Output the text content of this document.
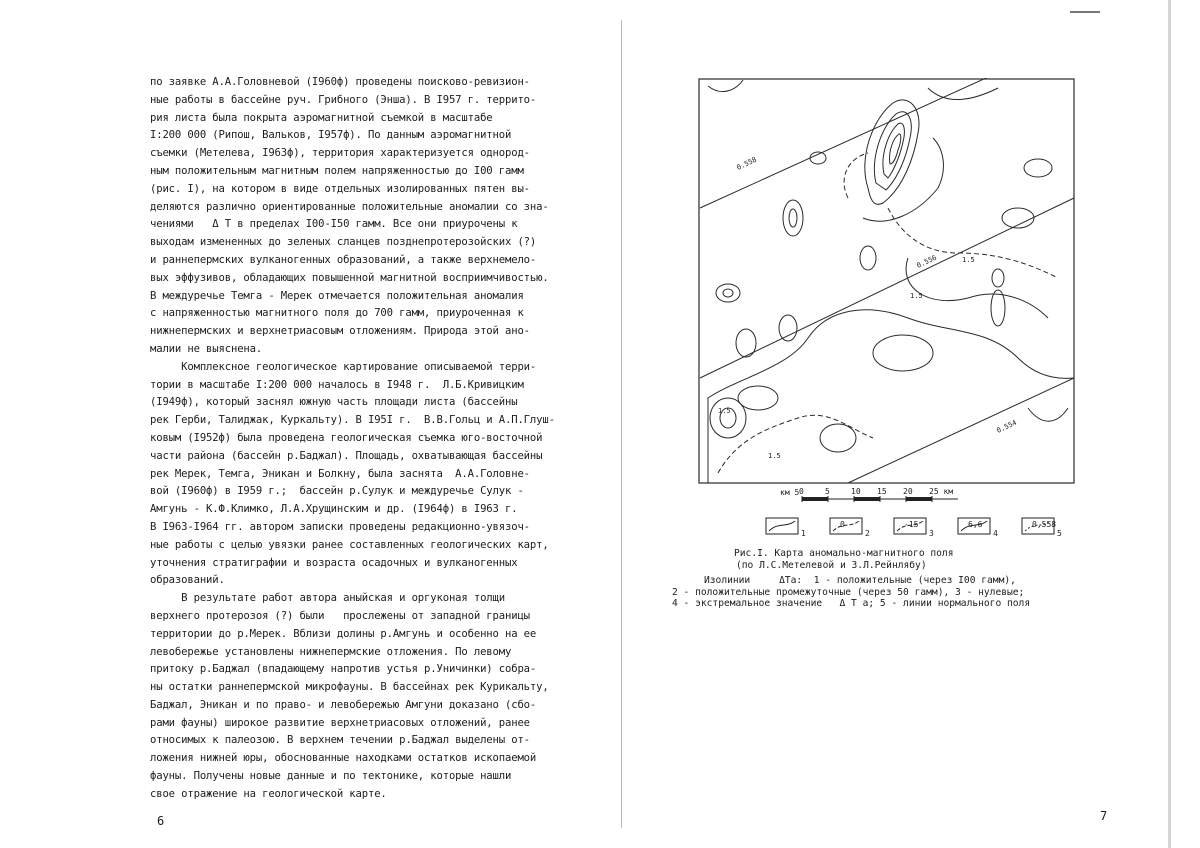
по заявке А.А.Головневой (I960ф) проведены поисково-ревизион-

ные работы в бассейне руч. Грибного (Энша). В I957 г. террито-

рия листа была покрыта аэромагнитной съемкой в масштабе

I:200 000 (Рипош, Вальков, I957ф). По данным аэромагнитной

съемки (Метелева, I963ф), территория характеризуется однород-

ным положительным магнитным полем напряженностью до I00 гамм

(рис. I), на котором в виде отдельных изолированных пятен вы-

деляются различно ориентированные положительные аномалии со зна-

чениями   Δ Т в пределах I00-I50 гамм. Все они приурочены к

выходам измененных до зеленых сланцев позднепротерозойских (?)

и раннепермских вулканогенных образований, а также верхнемело-

вых эффузивов, обладающих повышенной магнитной восприимчивостью.

В междуречье Темга - Мерек отмечается положительная аномалия

с напряженностью магнитного поля до 700 гамм, приуроченная к

нижнепермских и верхнетриасовым отложениям. Природа этой ано-

малии не выяснена.

Комплексное геологическое картирование описываемой терри-

тории в масштабе I:200 000 началось в I948 г.  Л.Б.Кривицким

(I949ф), который заснял южную часть площади листа (бассейны

рек Герби, Талиджак, Куркальту). В I95I г.  В.В.Гольц и А.П.Глуш-

ковым (I952ф) была проведена геологическая съемка юго-восточной

части района (бассейн р.Баджал). Площадь, охватывающая бассейны

рек Мерек, Темга, Эникан и Болкну, была заснята  А.А.Головне-

вой (I960ф) в I959 г.;  бассейн р.Сулук и междуречье Сулук -

Амгунь - К.Ф.Климко, Л.А.Хрущинским и др. (I964ф) в I963 г.

В I963-I964 гг. автором записки проведены редакционно-увязоч-

ные работы с целью увязки ранее составленных геологических карт,

уточнения стратиграфии и возраста осадочных и вулканогенных

образований.

В результате работ автора аныйская и оргуконая толщи

верхнего протерозоя (?) были   прослежены от западной границы

территории до р.Мерек. Вблизи долины р.Амгунь и особенно на ее

левобережье установлены нижнепермские отложения. По левому

притоку р.Баджал (впадающему напротив устья р.Уничинки) собра-

ны остатки раннепермской микрофауны. В бассейнах рек Курикальту,

Баджал, Эникан и по право- и левобережью Амгуни доказано (сбо-

рами фауны) широкое развитие верхнетриасовых отложений, ранее

относимых к палеозою. В верхнем течении р.Баджал выделены от-

ложения нижней юры, обоснованные находками остатков ископаемой

фауны. Получены новые данные и по тектонике, которые нашли

свое отражение на геологической карте.

6
0.558
0.556
0.554
1.5
1.5
1.5
1.5
км 5 0	5	10 15 20 25 км
1
0
2
-15
3
6,6
4
0,558
5
Рис.I. Карта аномально-магнитного поля
(по Л.С.Метелевой и З.Л.Рейнлябу)
Изолинии     ΔТа:  1 - положительные (через I00 гамм),
2 - положительные промежуточные (через 50 гамм), 3 - нулевые;
4 - экстремальное значение   Δ Т а; 5 - линии нормального поля
7
